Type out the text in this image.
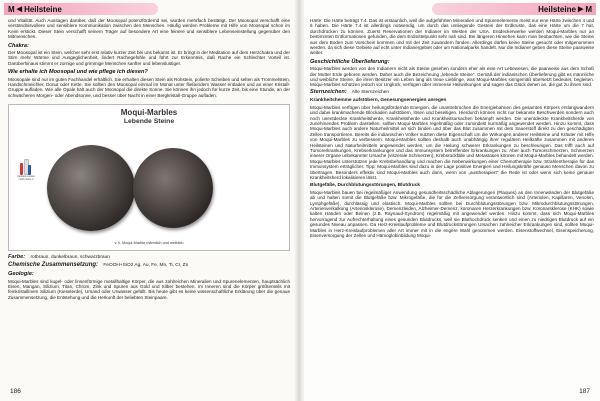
M ◀ Heilsteine

und Vitalität. Auch Aussagen darüber, daß der Moosopal potenzfördernd sei, wurden mehrfach bestätigt. Der Moosopal verschafft eine verständnisvollere und sensiblere Kommunikation zwischen den Menschen. Häufig werden Probleme mit Hilfe von Moosopal schon im Keim erstickt. Dieser Stein verschafft seinem Träger auf besondere Art eine feinere und sensiblere Lebenseinstellung gegenüber den Mitmenschen.

Chakra:

Der Moosopal ist ein Stein, welcher sehr erst relativ kurzer Zeit bei uns bekannt ist. Er bringt in der Meditation auf dem Herzchakra und der Stirn mehr Wärme und Ausgeglichenheit, lindert Rachegefühle und führt zur Erkenntnis, daß Rache ein Schlechter Vorteil ist. Darüberhinaus stimmt er zornige und grimmige Menschen sanfter und lebenslustiger.

Wie erhalte ich Moosopal und wie pflege ich diesen?

Moosopale sind nur im guten Fachhandel erhältlich. Sie erhalten diesen Stein als Rohstein, polierte Scheiben und selten als Trommelstein, Handschmeichler, Donut oder Kette. Sie sollten den Moosopal einmal im Monat unter fließendem Wasser entladen und an einer Kristall-Gruppe aufladen. Wie alle Opale hält auch der Moosopal die direkte Sonne. Sie können ihn jedoch für kurze Zeit, bis eine Stunde, an der schwächeren Morgen- oder Abendsonne, und besser über Nacht in einer Bergkristall-Gruppe aufladen.

Moqui-Marbles
Lebende Steine
Heilsteinwissen methi Seite 2
v. li. Moqui-Marble männlich und weiblich
Farbe: rotbraun, dunkelbraun, schwarzbraun
Chemische Zusammensetzung: FeOOH+SiO2 Ag, Au, Fe, Mn, Ti, Cr, Zn
Geologie:

Moqui-Marbles sind kugel- oder linsenförmige metallhaltige Körper, die aus zahlreichen Mineralien und Spurenelementen, hauptsächlich Eisen, Mangan, Silizium, Titan, Chrom, Zink und Spuren aus Gold und Silber bestehen. Im Inneren sind die Körper größtenteils mit feinkristallinem Silizium (Kieselerde), Ursand oder Urwasser gefüllt. Bis heute gibt es keine wissenschaftliche Erklärung über die genaue Zusammensetzung, die Entstehung und die Herkunft der beliebten Steinpaare.

186
Heilsteine ▶ M

Härte: Die Härte beträgt 7.4. Das ist erstaunlich, weil die aufgeführten Mineralien und Spurenelemente meist nur eine Härte zwischen 4 und 6 haben. Die Härte 7.4 ist allerdings notwendig, um durch das umliegende Gestein der Erdkruste, das eine Härte um die 7 hat, durchdrücken zu können. Zuerst Reservationen der Indianer im Westen der USA. Entdeckerwerke werden Moqui-Marbles nur an bestimmten Entformationen gefunden, die dem Erdmittelpunkt sehr nah sind. Bei längeren Hinsehen kann man beobachten, wie die Steine aus dem Boden zum Vorschein kommen und mit der Zeit zuwandern fünden. Allerdings dürfen keine Steine gesucht oder mitgenommen werden, da sich diese Gebiete auf echt unter Indianergebiet oder um Nationalparks handelt. Nur die Indianer geben diese Steine paarweise weiter.

Geschichtliche Überlieferung:

Moqui-Marbles werden von den Indianern nicht als Steine gesehen sondern eher als eine Art Lebewesen, die paarweise aus dem Schoß der Mutter Erde geboren werden. Daher auch die Bezeichnung „lebende Steine". Gemäß der indianischen Überlieferung gibt es männliche und weibliche Steine, die ihren Besitzer ein Leben lang als treue Lieblinge, was Moqui-Marbles sinngemäß übersetzt bedeutet, begleiten. Moqui-Marbles schützen jedoch vor Unglück, verfügen über immense Heilwirkungen und sagen das Glück denen an, die gut zu ihnen sind.

Sternzeichen: Alle Sternzeichen
Krankheitshemme aufstöbern, Genesungsenergien anregen

Moqui-Marbles verfügen über heilungsfördernde Energien, die unantrebrochen die Energiebahnen des gesamten Körpers entlangwandern und dabei krankmachende Blockaden aufstöbern, lösen und beseitigen. Hierdurch können nicht nur bekannte Beschwerden sondern auch noch unentdeckte Krankheitsherde, Krankheitsherde und Krankheitsursachen bekämpft werden. Die unentdeckte Krankheitsherde von zunehmendes Problem darstellen, sollten Moqui-Marbles regelmäßig oder zumindest kurmäßig angewendet werden. Hinzu kommt, dass Moqui-Marbles auch andere Naturheilmittel an sich binden und über das Blut zusammen mit dem Sauerstoff direkt zu den geschädigten Zellen transportieren. Bereits die indianischen Völker nutzten diese Eigenschaft um die Wirkungen anderer Heilsteine und Kräuter mit Hilfe von Moqui-Marbles zu verbessern. Moqui-Marbles sollten deshalb auch unabhängig ihrer regulären Heilkräfte zusammen mit anderen Heilsteinen und Naturheilmitteln angewendet werden, um die Heilung schwerer Erkrankungen zu beschleunigen. Das trifft auch auf Tumorerkrankungen, Krebserkrankungen und das Immunsystem betreffender Erkrankungen zu. Aber auch Tumorschmerzen, Schmerzen innerer Organe unbekannter Ursache (viszerale Schmerzen), Krebsrückfälle und Metastasen können mit Moqui-Marbles behandelt werden. Moqui-Marbles unterstützen jede Krebsbehandlung und machen die Nebenwirkungen einer Chemotherapie bzw. Strahlentherapie für das Immunsystem erträglicher. Tipp: Moqui-Marbles sind dazu in der Lage positive Energien und Heilungskräfte genauso Menschen davon zu übertragen. Besonders effektiv sind Moqui-Marbles auch dann, wenn von „austherapiert" die Rede ist oder wenn sich keine genauer Krankheitsherd lokalisieren lässt.

Blutgefäße, Durchblutungsstörungen, Blutdruck

Moqui-Marbles bauen bei regelmäßiger Anwendung gesundheitsschädliche Ablagerungen (Plaques) an den Innenwänden der Blutgefäße ab und halten somit die Blutgefäße bzw. Mikrogefäße, die für die Zellversorgung verantwortlich sind (Arteriolen, Kapillaren, Venolen, Lymphgefäße), durchlässig und elastisch. Moqui-Marbles sollten bei Durchblutungsstörungen bzw. Mikrodurchblutungsstörungen, Arterienverkalkung (Arteriosklerose), Demenzleiden, Alzheimer-Demenz, koronaren Herzerkrankungen bzw. Koronarsklerose (KHK) sowie kalten Händen oder Beinen (z.B. Raynaud-Syndrom) regelmäßig mit angewendet werden. Hinzu kommt, dass sich Moqui-Marbles hervorragend zur Aufrechterhaltung eines gesunden Blutdrucks, weil sie Bluthochdruck senken und einen zu niedrigen Blutdruck auf ein gesundes Niveau anpassen. Da Herz-Kreislaufprobleme und Blutdruckstörungen Ursachen zahlreicher Erkrankungen sind, sollten Moqui-Marbles in Herz-Kreislaufproblemen aller Art immer mit in die engere Wahl genommen werden. Eisenstoffwechsel, Eisenspeicherung, Eisenversorgung der Zellen und Hämoglobinbildung Moqui-

187
